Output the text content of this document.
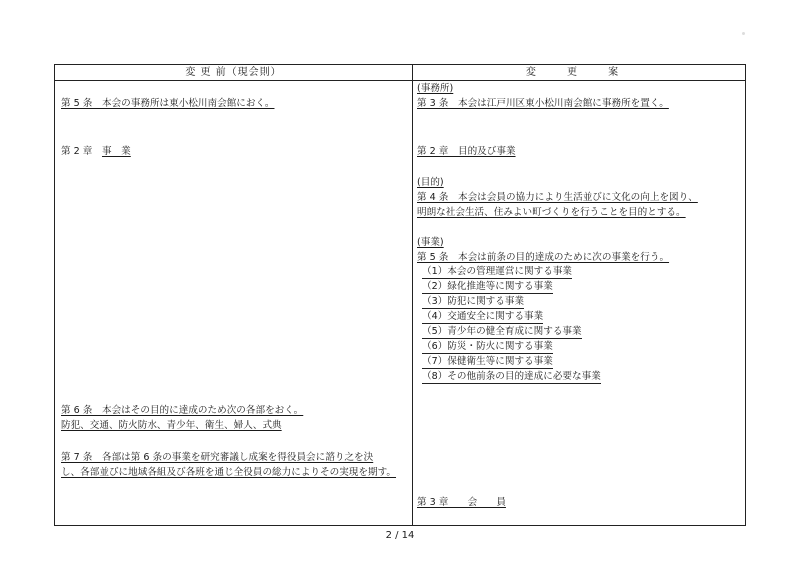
変 更 前（現会則）	変 更 案
第 5 条　本会の事務所は東小松川南会館におく。
第 2 章　事　業
第 6 条　本会はその目的に達成のため次の各部をおく。
防犯、交通、防火防水、青少年、衛生、婦人、式典
第 7 条　各部は第 6 条の事業を研究審議し成案を得役員会に諮り之を決
し、各部並びに地域各組及び各班を通じ全役員の総力によりその実現を期す。
(事務所)
第 3 条　本会は江戸川区東小松川南会館に事務所を置く。
第 2 章　目的及び事業
(目的)
第 4 条　本会は会員の協力により生活並びに文化の向上を図り、
明朗な社会生活、住みよい町づくりを行うことを目的とする。
(事業)
第 5 条　本会は前条の目的達成のために次の事業を行う。
（1）本会の管理運営に関する事業
（2）緑化推進等に関する事業
（3）防犯に関する事業
（4）交通安全に関する事業
（5）青少年の健全育成に関する事業
（6）防災・防火に関する事業
（7）保健衛生等に関する事業
（8）その他前条の目的達成に必要な事業
第 3 章　　会　　員
2 / 14
